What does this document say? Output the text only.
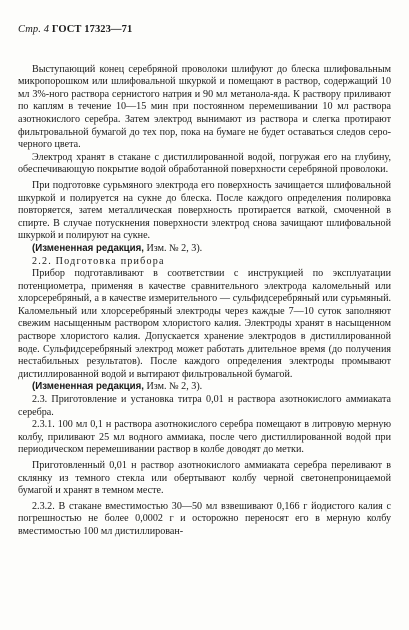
Стр. 4 ГОСТ 17323—71

Выступающий конец серебряной проволоки шлифуют до блеска шлифовальным микропорошком или шлифовальной шкуркой и помещают в раствор, содержащий 10 мл 3%-ного раствора сернистого натрия и 90 мл метанола-яда. К раствору приливают по каплям в течение 10—15 мин при постоянном перемешивании 10 мл раствора азотнокислого серебра. Затем электрод вынимают из раствора и слегка протирают фильтровальной бумагой до тех пор, пока на бумаге не будет оставаться следов серо-черного цвета.

Электрод хранят в стакане с дистиллированной водой, погружая его на глубину, обеспечивающую покрытие водой обработанной поверхности серебряной проволоки.

При подготовке сурьмяного электрода его поверхность зачищается шлифовальной шкуркой и полируется на сукне до блеска. После каждого определения полировка повторяется, затем металлическая поверхность протирается ваткой, смоченной в спирте. В случае потускнения поверхности электрод снова зачищают шлифовальной шкуркой и полируют на сукне.

(Измененная редакция, Изм. № 2, 3).

2.2. Подготовка прибора

Прибор подготавливают в соответствии с инструкцией по эксплуатации потенциометра, применяя в качестве сравнительного электрода каломельный или хлорсеребряный, а в качестве измерительного — сульфидсеребряный или сурьмяный. Каломельный или хлорсеребряный электроды через каждые 7—10 суток заполняют свежим насыщенным раствором хлористого калия. Электроды хранят в насыщенном растворе хлористого калия. Допускается хранение электродов в дистиллированной воде. Сульфидсеребряный электрод может работать длительное время (до получения нестабильных результатов). После каждого определения электроды промывают дистиллированной водой и вытирают фильтровальной бумагой.

(Измененная редакция, Изм. № 2, 3).

2.3. Приготовление и установка титра 0,01 н раствора азотнокислого аммиаката серебра.

2.3.1. 100 мл 0,1 н раствора азотнокислого серебра помещают в литровую мерную колбу, приливают 25 мл водного аммиака, после чего дистиллированной водой при периодическом перемешивании раствор в колбе доводят до метки.

Приготовленный 0,01 н раствор азотнокислого аммиаката серебра переливают в склянку из темного стекла или обертывают колбу черной светонепроницаемой бумагой и хранят в темном месте.

2.3.2. В стакане вместимостью 30—50 мл взвешивают 0,166 г йодистого калия с погрешностью не более 0,0002 г и осторожно переносят его в мерную колбу вместимостью 100 мл дистиллирован-
